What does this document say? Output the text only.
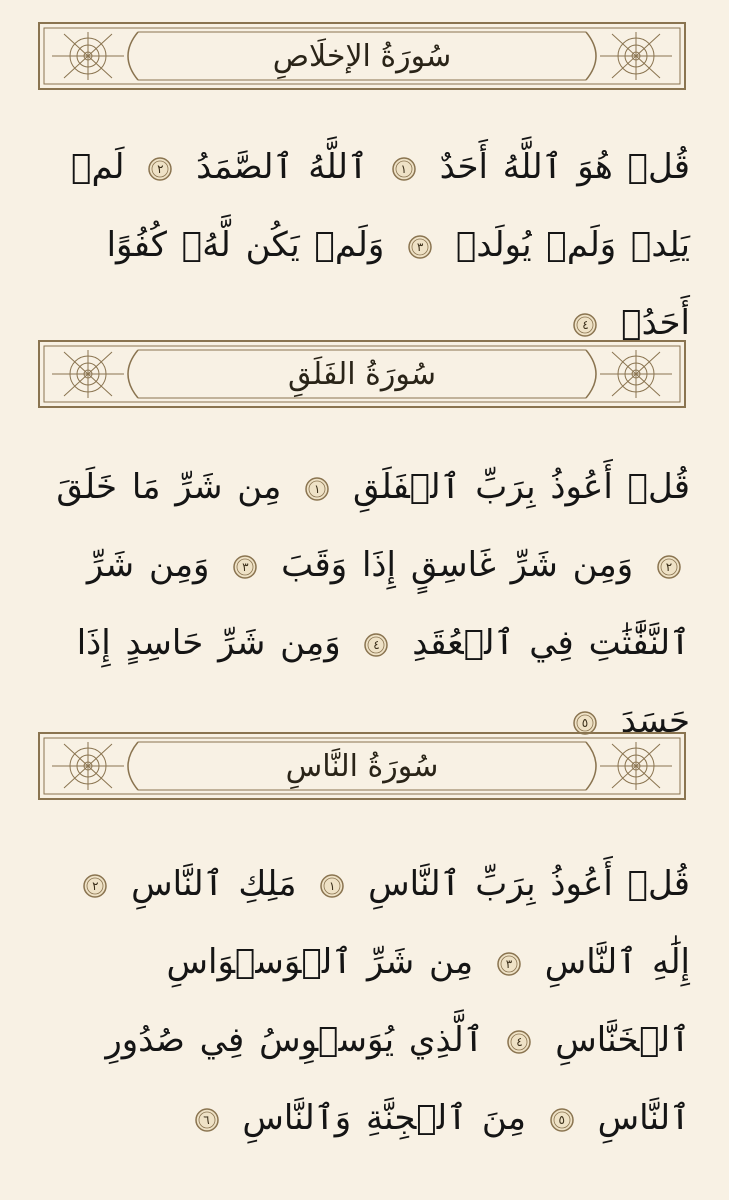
سُورَةُ الإخلَاصِ
قُلۡ هُوَ ٱللَّهُ أَحَدٌ
١
ٱللَّهُ ٱلصَّمَدُ
٢
لَمۡ يَلِدۡ وَلَمۡ يُولَدۡ
٣
وَلَمۡ يَكُن لَّهُۥ كُفُوًا أَحَدُۢ
٤
سُورَةُ الفَلَقِ
قُلۡ أَعُوذُ بِرَبِّ ٱلۡفَلَقِ
١
مِن شَرِّ مَا خَلَقَ
٢
وَمِن شَرِّ غَاسِقٍ إِذَا وَقَبَ
٣
وَمِن شَرِّ ٱلنَّفَّٰثَٰتِ فِي ٱلۡعُقَدِ
٤
وَمِن شَرِّ حَاسِدٍ إِذَا حَسَدَ
٥
سُورَةُ النَّاسِ
قُلۡ أَعُوذُ بِرَبِّ ٱلنَّاسِ
١
مَلِكِ ٱلنَّاسِ
٢
إِلَٰهِ ٱلنَّاسِ
٣
مِن شَرِّ ٱلۡوَسۡوَاسِ ٱلۡخَنَّاسِ
٤
ٱلَّذِي يُوَسۡوِسُ فِي صُدُورِ ٱلنَّاسِ
٥
مِنَ ٱلۡجِنَّةِ وَٱلنَّاسِ
٦
